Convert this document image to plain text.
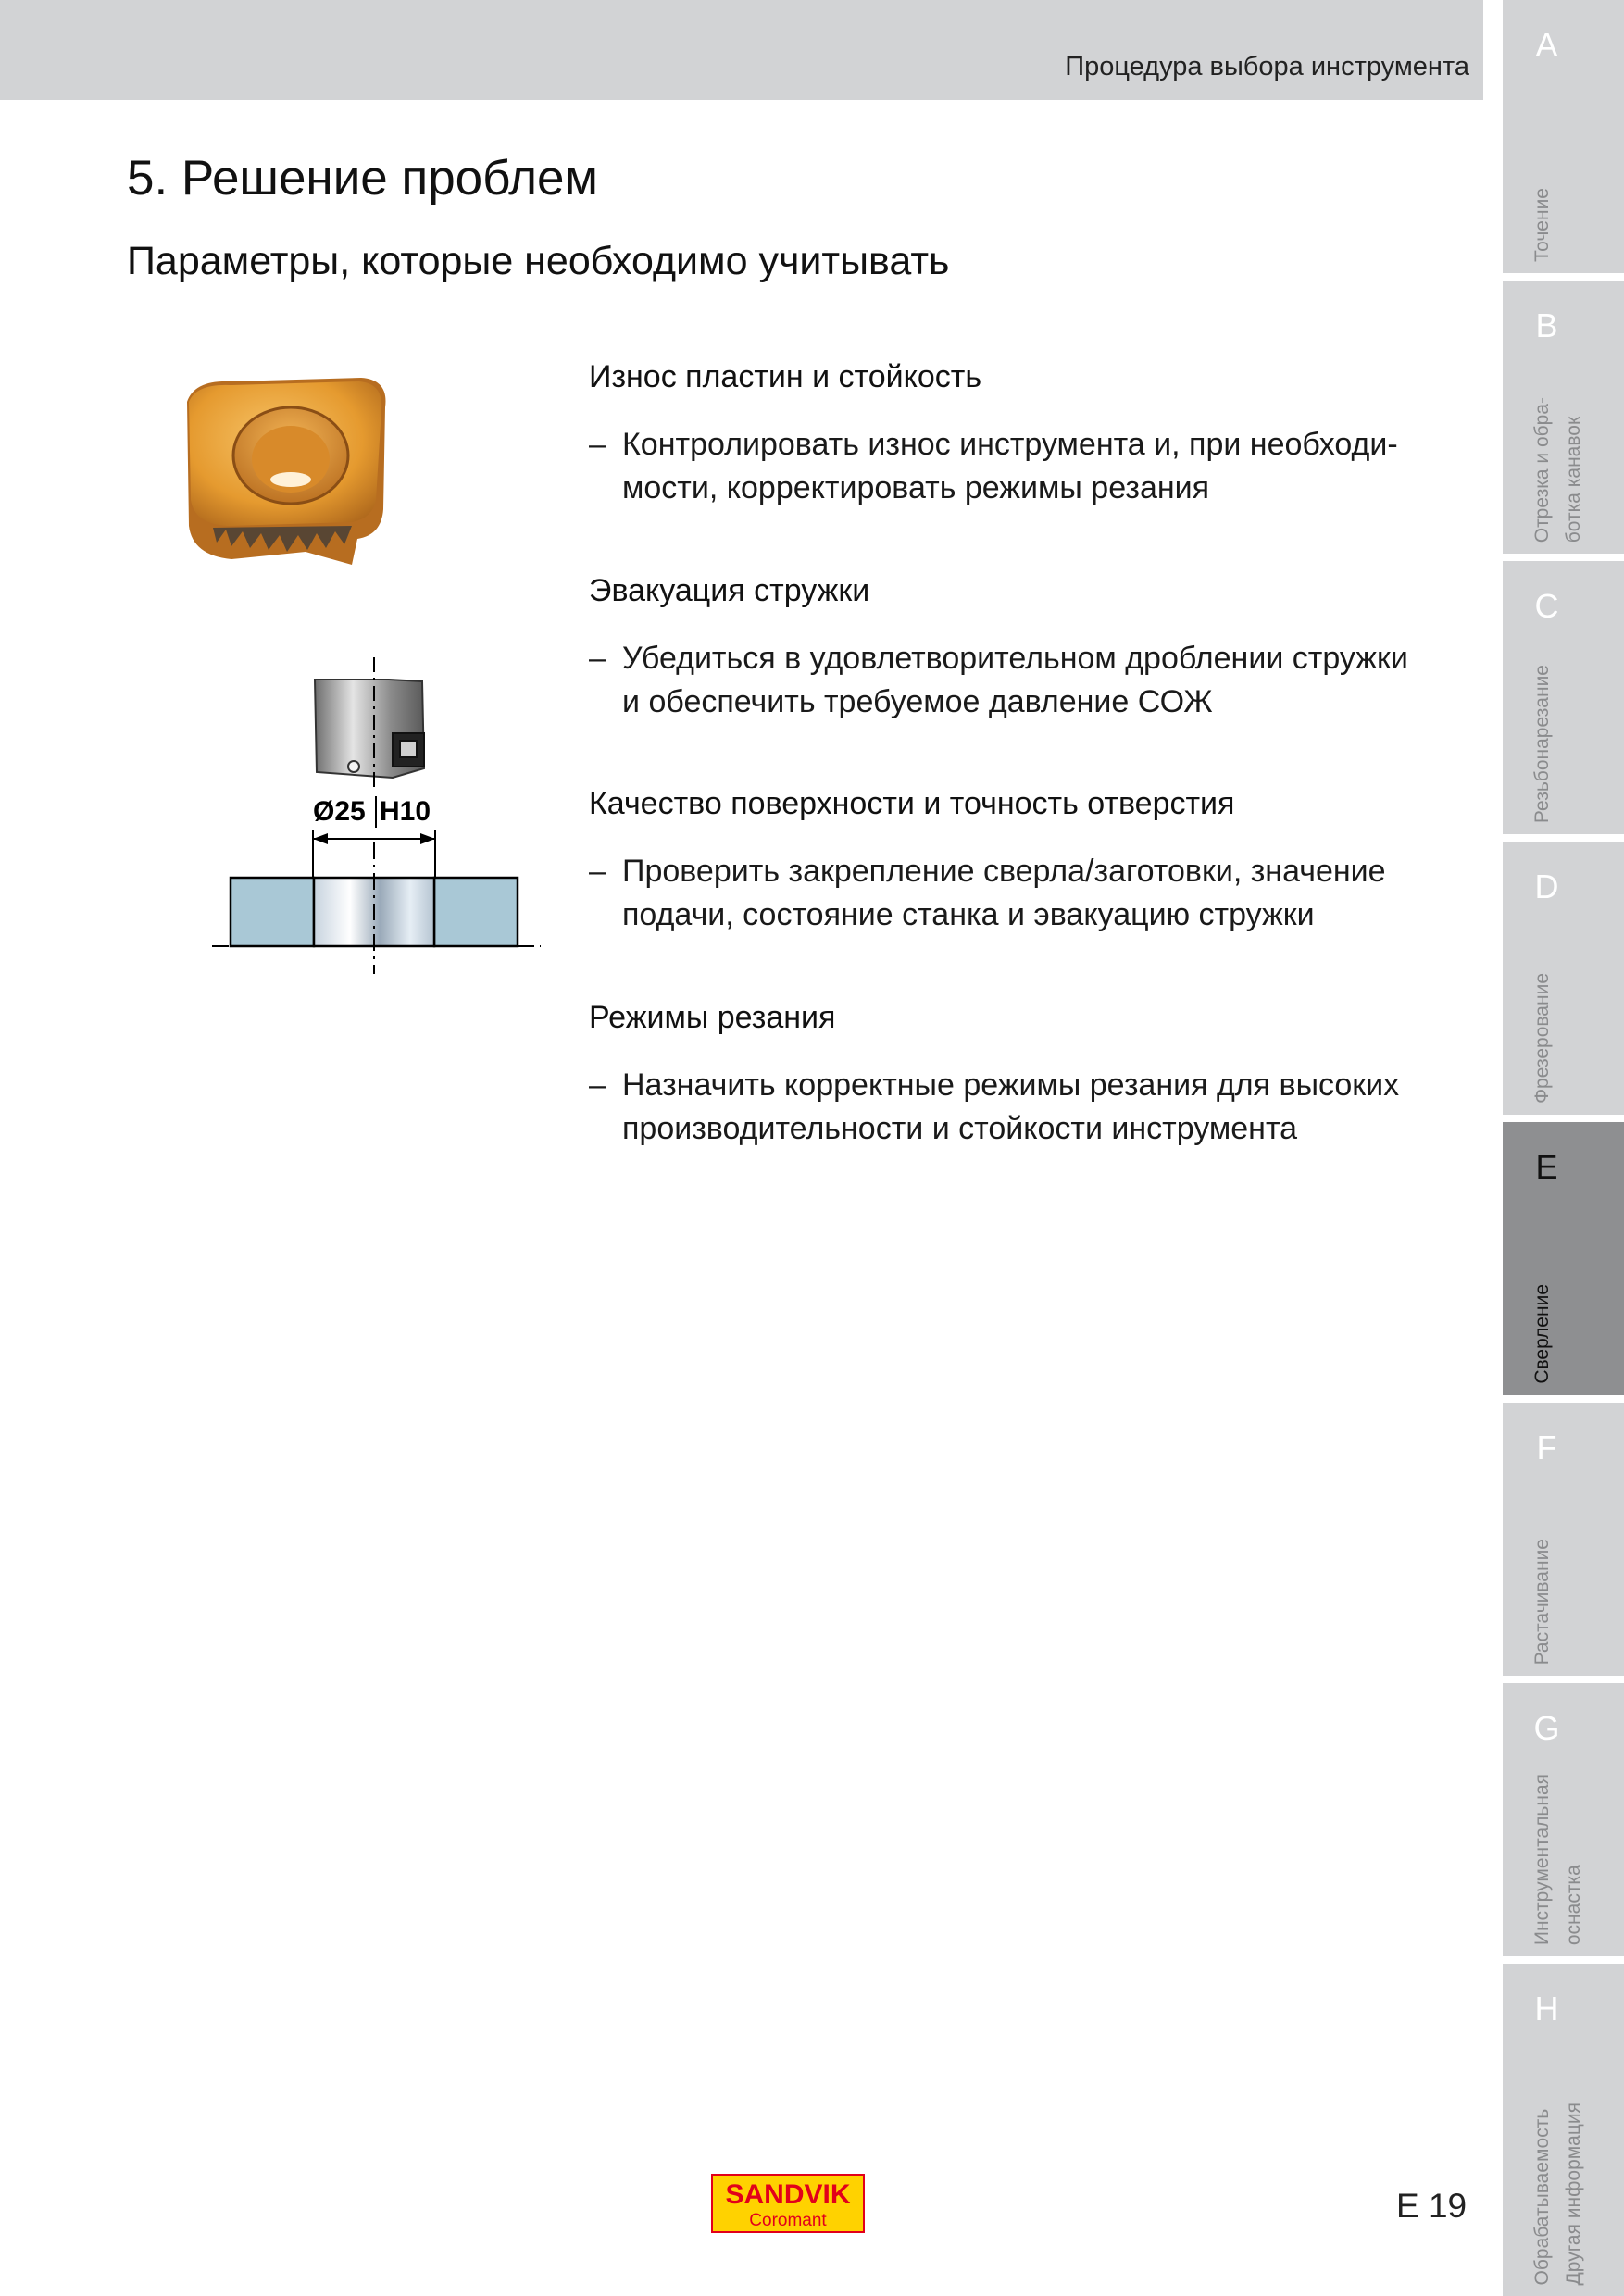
Процедура выбора инструмента
A
Точение
B
Отрезка и обра-
ботка канавок
C
Резьбонарезание
D
Фрезерование
E
Сверление
F
Растачивание
G
Инструментальная
оснастка
H
Обрабатываемость
Другая информация
5. Решение проблем
Параметры, которые необходимо учитывать
Ø25 H10
Износ пластин и стойкость
– Контролировать износ инструмента и, при необходи-
мости, корректировать режимы резания
Эвакуация стружки
– Убедиться в удовлетворительном дроблении стружки
и обеспечить требуемое давление СОЖ
Качество поверхности и точность отверстия
– Проверить закрепление сверла/заготовки, значение
подачи, состояние станка и эвакуацию стружки
Режимы резания
– Назначить корректные режимы резания для высоких
производительности и стойкости инструмента
SANDVIK
Coromant	E 19
